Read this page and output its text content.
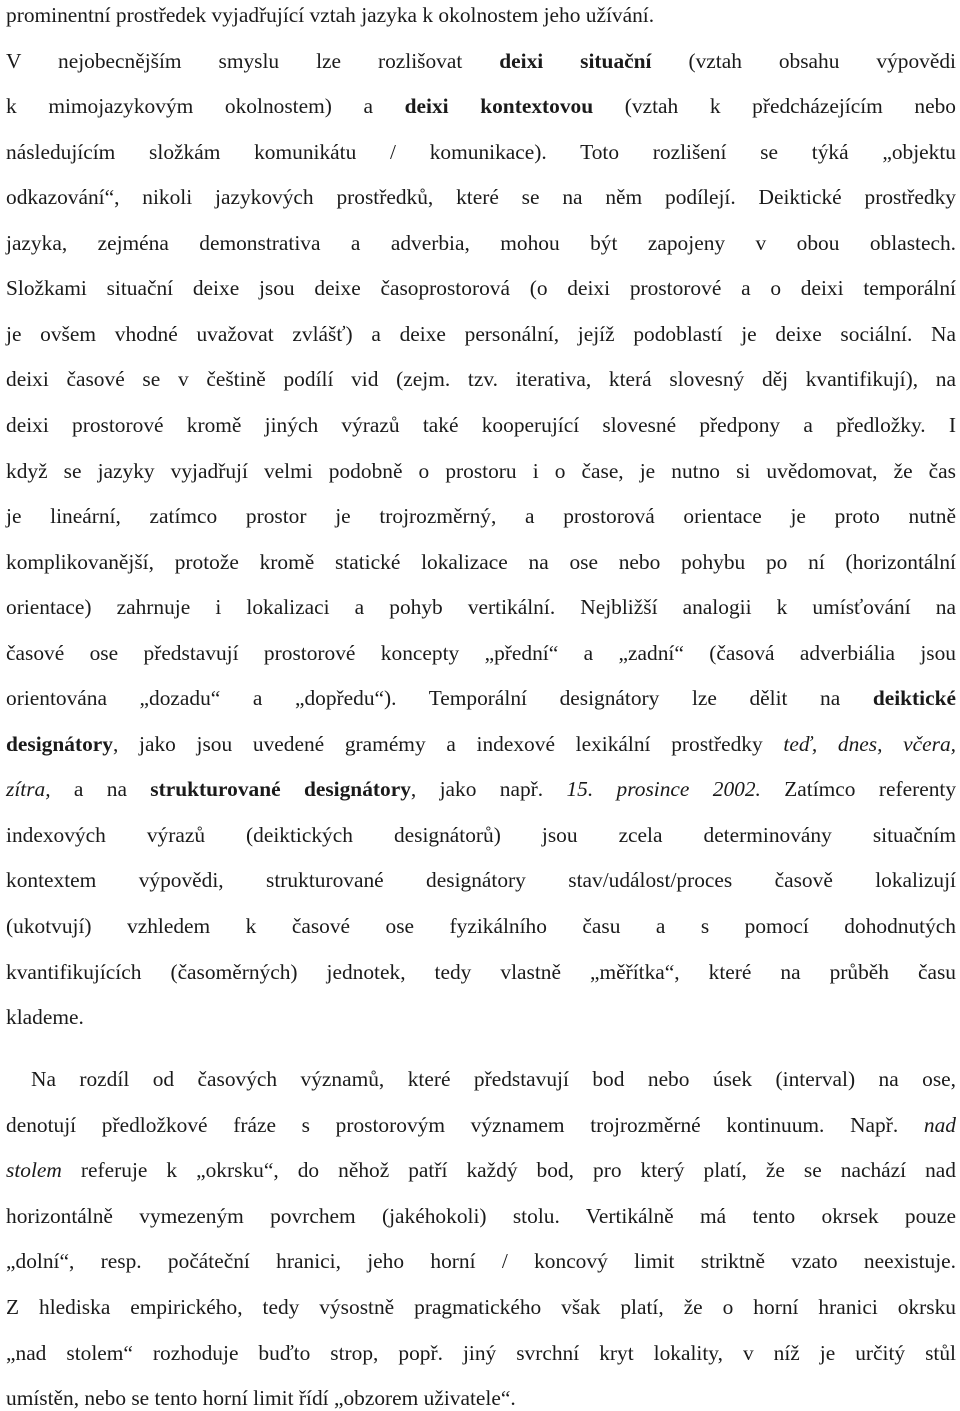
prominentní prostředek vyjadřující vztah jazyka k okolnostem jeho užívání.
V nejobecnějším smyslu lze rozlišovat deixi situační (vztah obsahu výpovědi
k mimojazykovým okolnostem) a deixi kontextovou (vztah k předcházejícím nebo
následujícím složkám komunikátu / komunikace). Toto rozlišení se týká „objektu
odkazování“, nikoli jazykových prostředků, které se na něm podílejí. Deiktické prostředky
jazyka, zejména demonstrativa a adverbia, mohou být zapojeny v obou oblastech.
Složkami situační deixe jsou deixe časoprostorová (o deixi prostorové a o deixi temporální
je ovšem vhodné uvažovat zvlášť) a deixe personální, jejíž podoblastí je deixe sociální. Na
deixi časové se v češtině podílí vid (zejm. tzv. iterativa, která slovesný děj kvantifikují), na
deixi prostorové kromě jiných výrazů také kooperující slovesné předpony a předložky. I
když se jazyky vyjadřují velmi podobně o prostoru i o čase, je nutno si uvědomovat, že čas
je lineární, zatímco prostor je trojrozměrný, a prostorová orientace je proto nutně
komplikovanější, protože kromě statické lokalizace na ose nebo pohybu po ní (horizontální
orientace) zahrnuje i lokalizaci a pohyb vertikální. Nejbližší analogii k umísťování na
časové ose představují prostorové koncepty „přední“ a „zadní“ (časová adverbiália jsou
orientována „dozadu“ a „dopředu“). Temporální designátory lze dělit na deiktické
designátory, jako jsou uvedené gramémy a indexové lexikální prostředky teď, dnes, včera,
zítra, a na strukturované designátory, jako např. 15. prosince 2002. Zatímco referenty
indexových výrazů (deiktických designátorů) jsou zcela determinovány situačním
kontextem výpovědi, strukturované designátory stav/událost/proces časově lokalizují
(ukotvují) vzhledem k časové ose fyzikálního času a s pomocí dohodnutých
kvantifikujících (časoměrných) jednotek, tedy vlastně „měřítka“, které na průběh času
klademe.
Na rozdíl od časových významů, které představují bod nebo úsek (interval) na ose,
denotují předložkové fráze s prostorovým významem trojrozměrné kontinuum. Např. nad
stolem referuje k „okrsku“, do něhož patří každý bod, pro který platí, že se nachází nad
horizontálně vymezeným povrchem (jakéhokoli) stolu. Vertikálně má tento okrsek pouze
„dolní“, resp. počáteční hranici, jeho horní / koncový limit striktně vzato neexistuje.
Z hlediska empirického, tedy výsostně pragmatického však platí, že o horní hranici okrsku
„nad stolem“ rozhoduje buďto strop, popř. jiný svrchní kryt lokality, v níž je určitý stůl
umístěn, nebo se tento horní limit řídí „obzorem uživatele“.
